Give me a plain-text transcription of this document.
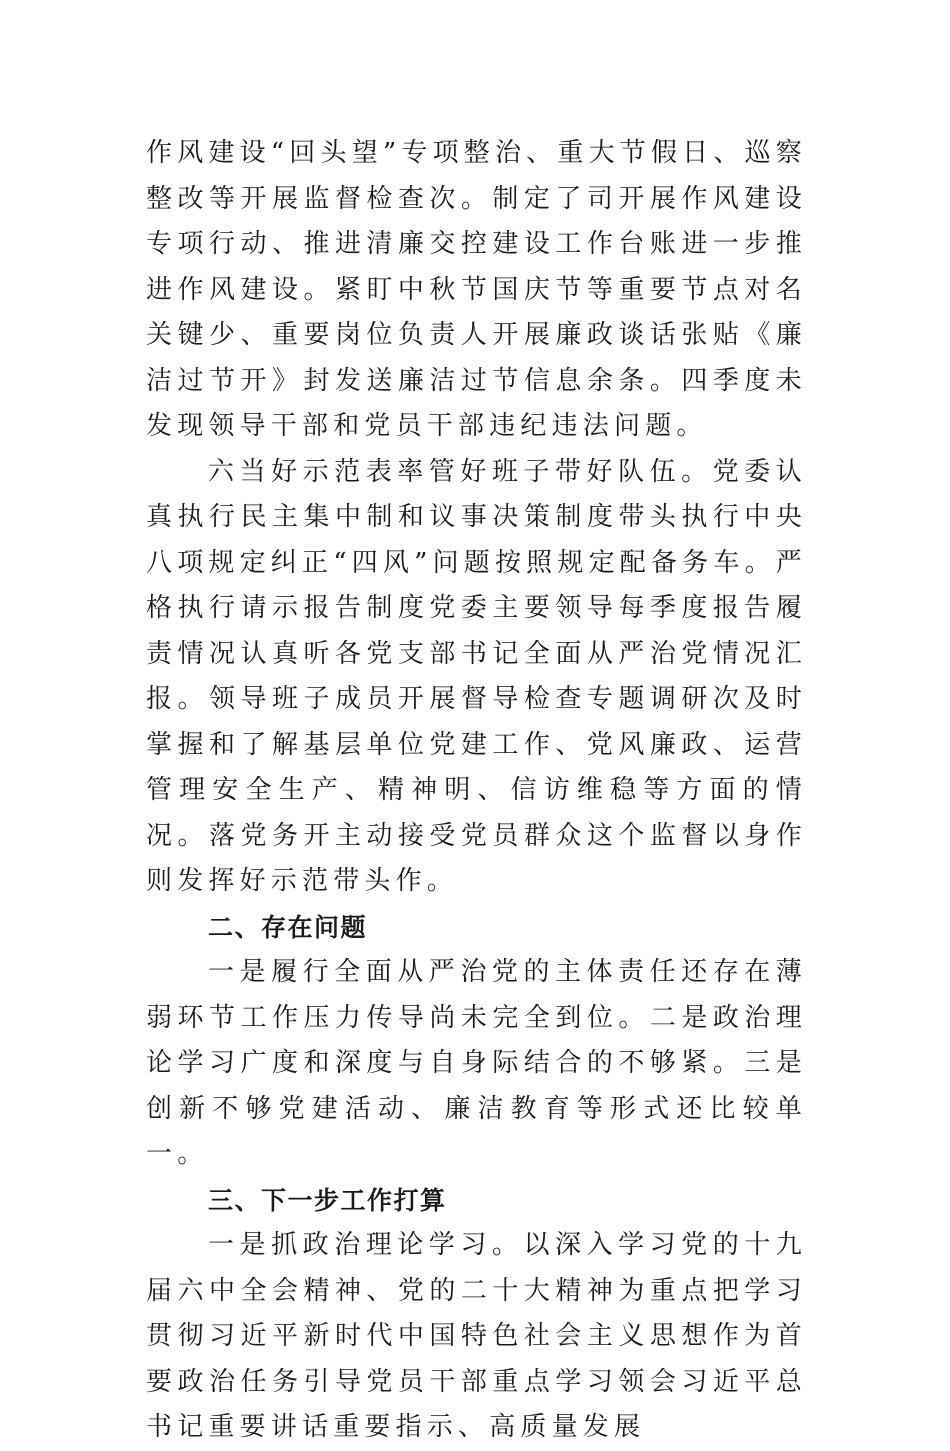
作风建设“回头望”专项整治、重大节假日、巡察整改等开展监督检查次。制定了司开展作风建设专项行动、推进清廉交控建设工作台账进一步推进作风建设。紧盯中秋节国庆节等重要节点对名关键少、重要岗位负责人开展廉政谈话张贴《廉洁过节开》封发送廉洁过节信息余条。四季度未发现领导干部和党员干部违纪违法问题。

六当好示范表率管好班子带好队伍。党委认真执行民主集中制和议事决策制度带头执行中央八项规定纠正“四风”问题按照规定配备务车。严格执行请示报告制度党委主要领导每季度报告履责情况认真听各党支部书记全面从严治党情况汇报。领导班子成员开展督导检查专题调研次及时掌握和了解基层单位党建工作、党风廉政、运营管理安全生产、精神明、信访维稳等方面的情况。落党务开主动接受党员群众这个监督以身作则发挥好示范带头作。

二、存在问题

一是履行全面从严治党的主体责任还存在薄弱环节工作压力传导尚未完全到位。二是政治理论学习广度和深度与自身际结合的不够紧。三是创新不够党建活动、廉洁教育等形式还比较单一。

三、下一步工作打算

一是抓政治理论学习。以深入学习党的十九届六中全会精神、党的二十大精神为重点把学习贯彻习近平新时代中国特色社会主义思想作为首要政治任务引导党员干部重点学习领会习近平总书记重要讲话重要指示、高质量发展
